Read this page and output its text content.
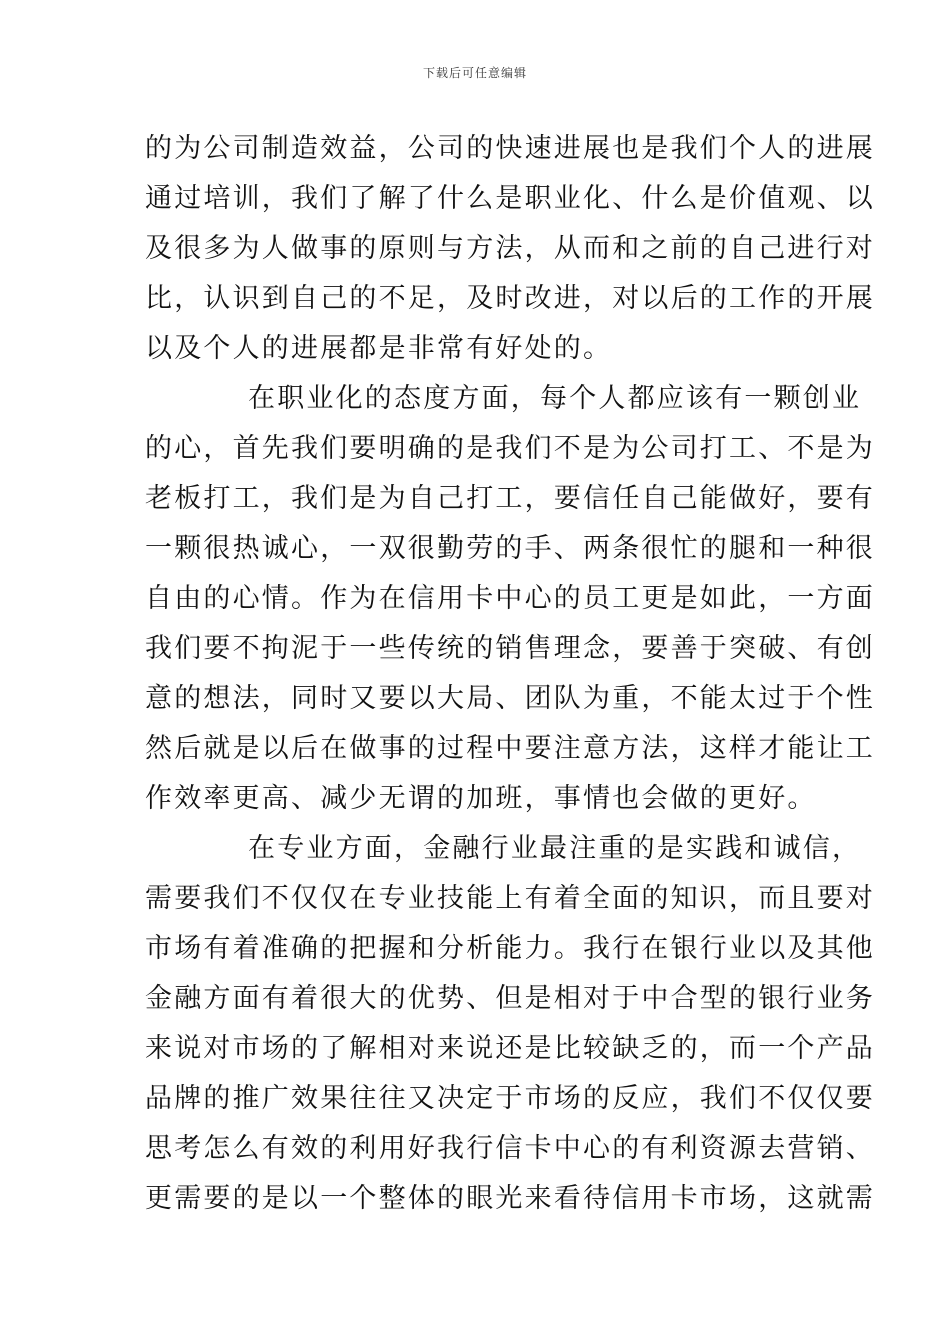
下载后可任意编辑
的为公司制造效益，公司的快速进展也是我们个人的进展
通过培训，我们了解了什么是职业化、什么是价值观、以
及很多为人做事的原则与方法，从而和之前的自己进行对
比，认识到自己的不足，及时改进，对以后的工作的开展
以及个人的进展都是非常有好处的。
在职业化的态度方面，每个人都应该有一颗创业
的心，首先我们要明确的是我们不是为公司打工、不是为
老板打工，我们是为自己打工，要信任自己能做好，要有
一颗很热诚心，一双很勤劳的手、两条很忙的腿和一种很
自由的心情。作为在信用卡中心的员工更是如此，一方面
我们要不拘泥于一些传统的销售理念，要善于突破、有创
意的想法，同时又要以大局、团队为重，不能太过于个性
然后就是以后在做事的过程中要注意方法，这样才能让工
作效率更高、减少无谓的加班，事情也会做的更好。
在专业方面，金融行业最注重的是实践和诚信，
需要我们不仅仅在专业技能上有着全面的知识，而且要对
市场有着准确的把握和分析能力。我行在银行业以及其他
金融方面有着很大的优势、但是相对于中合型的银行业务
来说对市场的了解相对来说还是比较缺乏的，而一个产品
品牌的推广效果往往又决定于市场的反应，我们不仅仅要
思考怎么有效的利用好我行信卡中心的有利资源去营销、
更需要的是以一个整体的眼光来看待信用卡市场，这就需
